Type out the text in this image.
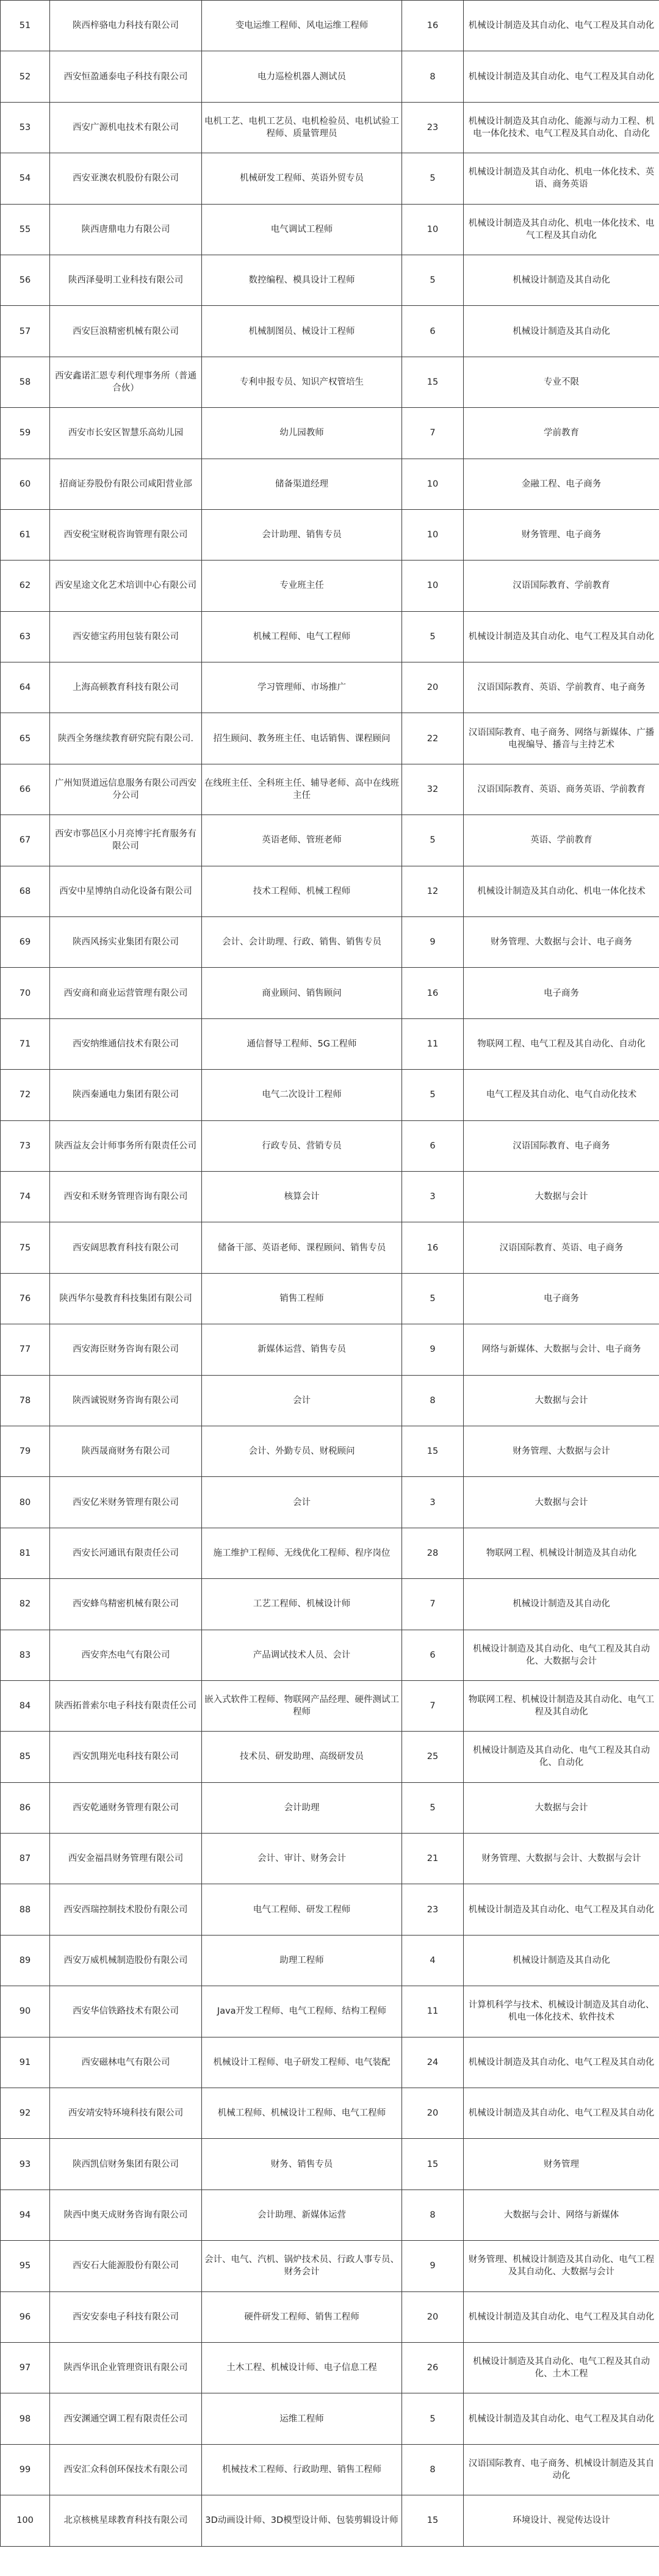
51	陕西梓骆电力科技有限公司	变电运维工程师、风电运维工程师	16	机械设计制造及其自动化、电气工程及其自动化
52	西安恒盈通泰电子科技有限公司	电力巡检机器人测试员	8	机械设计制造及其自动化、电气工程及其自动化
53	西安广源机电技术有限公司	电机工艺、电机工艺员、电机检验员、电机试验工程师、质量管理员	23	机械设计制造及其自动化、能源与动力工程、机电一体化技术、电气工程及其自动化、自动化
54	西安亚澳农机股份有限公司	机械研发工程师、英语外贸专员	5	机械设计制造及其自动化、机电一体化技术、英语、商务英语
55	陕西唐鼎电力有限公司	电气调试工程师	10	机械设计制造及其自动化、机电一体化技术、电气工程及其自动化
56	陕西泽曼明工业科技有限公司	数控编程、模具设计工程师	5	机械设计制造及其自动化
57	西安巨浪精密机械有限公司	机械制图员、械设计工程师	6	机械设计制造及其自动化
58	西安鑫诺汇恩专利代理事务所（普通合伙）	专利申报专员、知识产权管培生	15	专业不限
59	西安市长安区智慧乐高幼儿园	幼儿园教师	7	学前教育
60	招商证券股份有限公司咸阳营业部	储备渠道经理	10	金融工程、电子商务
61	西安税宝财税咨询管理有限公司	会计助理、销售专员	10	财务管理、电子商务
62	西安星途文化艺术培训中心有限公司	专业班主任	10	汉语国际教育、学前教育
63	西安德宝药用包装有限公司	机械工程师、电气工程师	5	机械设计制造及其自动化、电气工程及其自动化
64	上海高顿教育科技有限公司	学习管理师、市场推广	20	汉语国际教育、英语、学前教育、电子商务
65	陕西全务继续教育研究院有限公司.	招生顾问、教务班主任、电话销售、课程顾问	22	汉语国际教育、电子商务、网络与新媒体、广播电视编导、播音与主持艺术
66	广州知贤道远信息服务有限公司西安分公司	在线班主任、全科班主任、辅导老师、高中在线班主任	32	汉语国际教育、英语、商务英语、学前教育
67	西安市鄠邑区小月亮博宇托育服务有限公司	英语老师、管班老师	5	英语、学前教育
68	西安中星博纳自动化设备有限公司	技术工程师、机械工程师	12	机械设计制造及其自动化、机电一体化技术
69	陕西风扬实业集团有限公司	会计、会计助理、行政、销售、销售专员	9	财务管理、大数据与会计、电子商务
70	西安商和商业运营管理有限公司	商业顾问、销售顾问	16	电子商务
71	西安纳维通信技术有限公司	通信督导工程师、5G工程师	11	物联网工程、电气工程及其自动化、自动化
72	陕西秦通电力集团有限公司	电气二次设计工程师	5	电气工程及其自动化、电气自动化技术
73	陕西益友会计师事务所有限责任公司	行政专员、营销专员	6	汉语国际教育、电子商务
74	西安和禾财务管理咨询有限公司	核算会计	3	大数据与会计
75	西安阔思教育科技有限公司	储备干部、英语老师、课程顾问、销售专员	16	汉语国际教育、英语、电子商务
76	陕西华尔曼教育科技集团有限公司	销售工程师	5	电子商务
77	西安海臣财务咨询有限公司	新媒体运营、销售专员	9	网络与新媒体、大数据与会计、电子商务
78	陕西诚锐财务咨询有限公司	会计	8	大数据与会计
79	陕西晟商财务有限公司	会计、外勤专员、财税顾问	15	财务管理、大数据与会计
80	西安亿米财务管理有限公司	会计	3	大数据与会计
81	西安长河通讯有限责任公司	施工维护工程师、无线优化工程师、程序岗位	28	物联网工程、机械设计制造及其自动化
82	西安蜂鸟精密机械有限公司	工艺工程师、机械设计师	7	机械设计制造及其自动化
83	西安弈杰电气有限公司	产品调试技术人员、会计	6	机械设计制造及其自动化、电气工程及其自动化、大数据与会计
84	陕西拓普索尔电子科技有限责任公司	嵌入式软件工程师、物联网产品经理、硬件测试工程师	7	物联网工程、机械设计制造及其自动化、电气工程及其自动化
85	西安凯翔光电科技有限公司	技术员、研发助理、高级研发员	25	机械设计制造及其自动化、电气工程及其自动化、自动化
86	西安乾通财务管理有限公司	会计助理	5	大数据与会计
87	西安金福昌财务管理有限公司	会计、审计、财务会计	21	财务管理、大数据与会计、大数据与会计
88	西安西瑞控制技术股份有限公司	电气工程师、研发工程师	23	机械设计制造及其自动化、电气工程及其自动化
89	西安万威机械制造股份有限公司	助理工程师	4	机械设计制造及其自动化
90	西安华信铁路技术有限公司	Java开发工程师、电气工程师、结构工程师	11	计算机科学与技术、机械设计制造及其自动化、机电一体化技术、软件技术
91	西安磁林电气有限公司	机械设计工程师、电子研发工程师、电气装配	24	机械设计制造及其自动化、电气工程及其自动化
92	西安靖安特环境科技有限公司	机械工程师、机械设计工程师、电气工程师	20	机械设计制造及其自动化、电气工程及其自动化
93	陕西凯信财务集团有限公司	财务、销售专员	15	财务管理
94	陕西中奥天成财务咨询有限公司	会计助理、新媒体运营	8	大数据与会计、网络与新媒体
95	西安石大能源股份有限公司	会计、电气、汽机、锅炉技术员、行政人事专员、财务会计	9	财务管理、机械设计制造及其自动化、电气工程及其自动化、大数据与会计
96	西安安泰电子科技有限公司	硬件研发工程师、销售工程师	20	机械设计制造及其自动化、电气工程及其自动化
97	陕西华讯企业管理资讯有限公司	土木工程、机械设计师、电子信息工程	26	机械设计制造及其自动化、电气工程及其自动化、土木工程
98	西安渊通空调工程有限责任公司	运维工程师	5	机械设计制造及其自动化、电气工程及其自动化
99	西安汇众科创环保技术有限公司	机械技术工程师、行政助理、销售工程师	8	汉语国际教育、电子商务、机械设计制造及其自动化
100	北京核桃星球教育科技有限公司	3D动画设计师、3D模型设计师、包装剪辑设计师	15	环境设计、视觉传达设计
